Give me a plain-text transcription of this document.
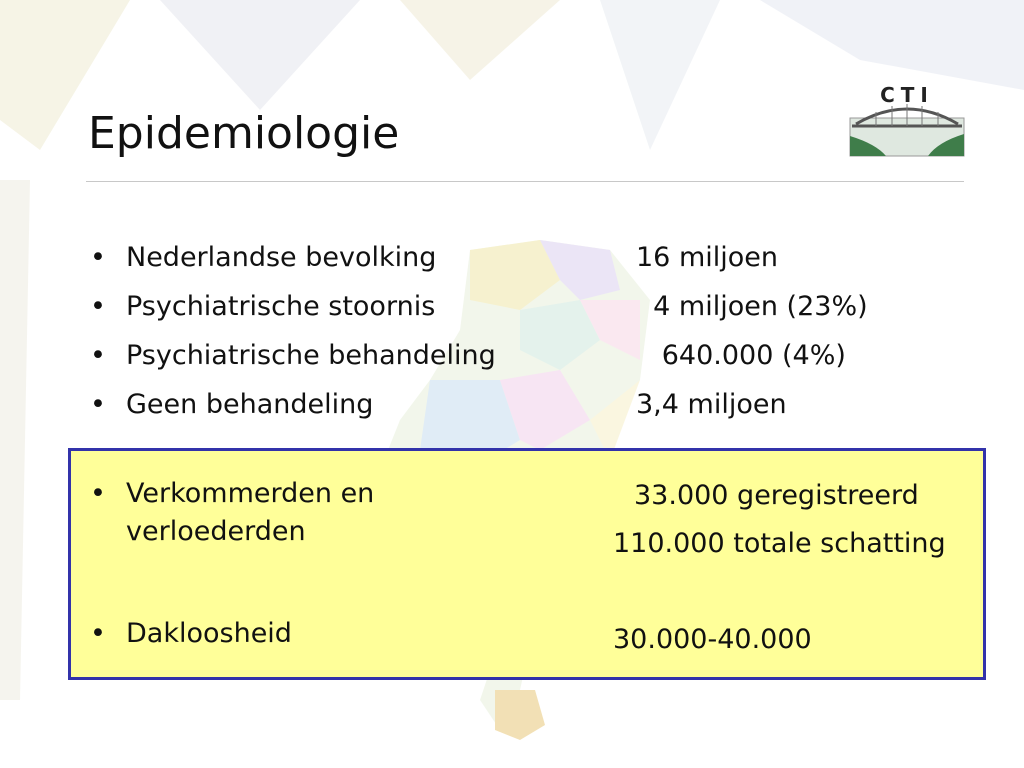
Epidemiologie
CTI
• Nederlandse bevolking
• Psychiatrische stoornis
• Psychiatrische behandeling
• Geen behandeling
16 miljoen
4 miljoen (23%)
640.000 (4%)
3,4 miljoen
• Verkommerden en verloederden
33.000 geregistreerd
110.000 totale schatting
• Dakloosheid	30.000-40.000
